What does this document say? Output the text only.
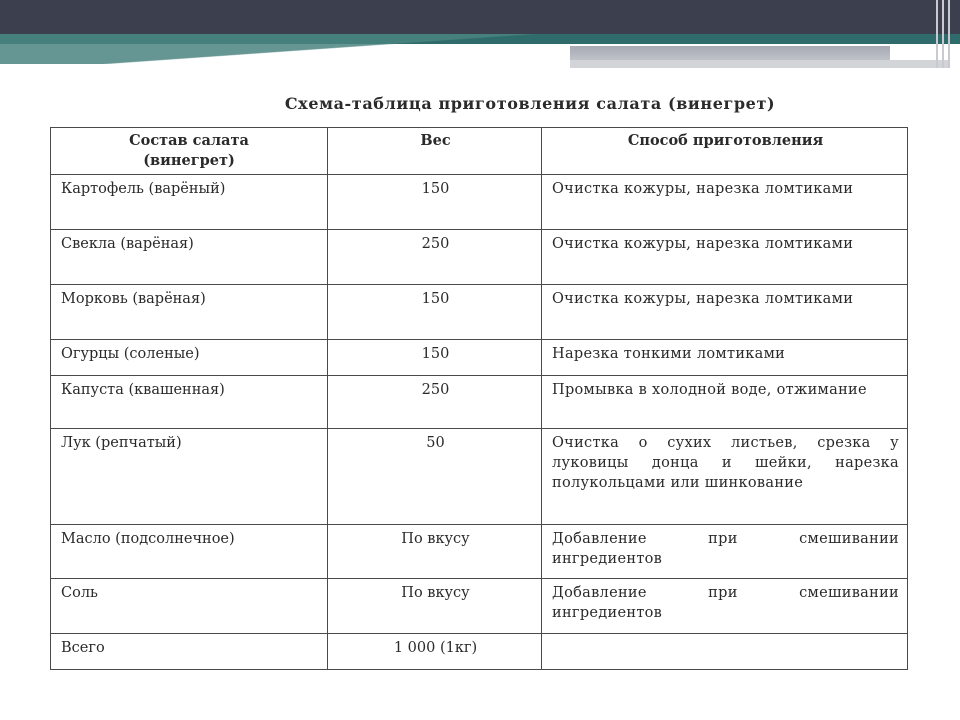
Схема-таблица приготовления салата (винегрет)
Состав салата (винегрет)	Вес	Способ приготовления
Картофель (варёный)	150	Очистка кожуры, нарезка ломтиками
Свекла (варёная)	250	Очистка кожуры, нарезка ломтиками
Морковь (варёная)	150	Очистка кожуры, нарезка ломтиками
Огурцы (соленые)	150	Нарезка тонкими ломтиками
Капуста (квашенная)	250	Промывка в холодной воде, отжимание
Лук (репчатый)	50	Очистка о сухих листьев, срезка у луковицы донца и шейки, нарезка полукольцами или шинкование
Масло (подсолнечное)	По вкусу	Добавление при смешивании ингредиентов
Соль	По вкусу	Добавление при смешивании ингредиентов
Всего	1 000 (1кг)	
